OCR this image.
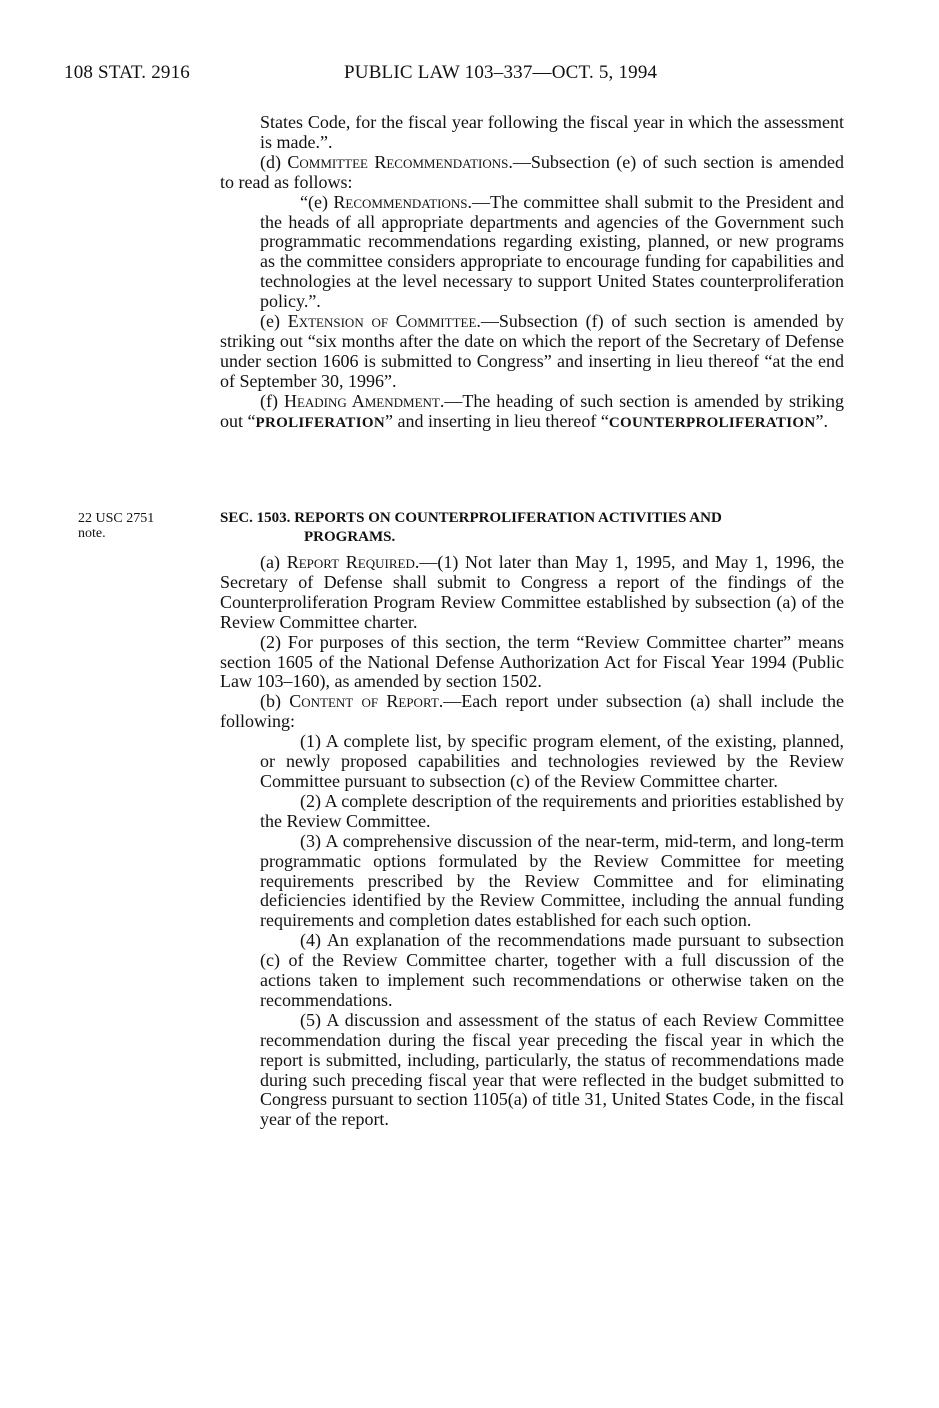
108 STAT. 2916	PUBLIC LAW 103–337—OCT. 5, 1994

States Code, for the fiscal year following the fiscal year in which the assessment is made.”.

(d) Committee Recommendations.—Subsection (e) of such section is amended to read as follows:

“(e) Recommendations.—The committee shall submit to the President and the heads of all appropriate departments and agencies of the Government such programmatic recommendations regarding existing, planned, or new programs as the committee considers appropriate to encourage funding for capabilities and technologies at the level necessary to support United States counterproliferation policy.”.

(e) Extension of Committee.—Subsection (f) of such section is amended by striking out “six months after the date on which the report of the Secretary of Defense under section 1606 is submitted to Congress” and inserting in lieu thereof “at the end of September 30, 1996”.

(f) Heading Amendment.—The heading of such section is amended by striking out “PROLIFERATION” and inserting in lieu thereof “COUNTERPROLIFERATION”.

22 USC 2751
note.
SEC. 1503. REPORTS ON COUNTERPROLIFERATION ACTIVITIES AND
PROGRAMS.

(a) Report Required.—(1) Not later than May 1, 1995, and May 1, 1996, the Secretary of Defense shall submit to Congress a report of the findings of the Counterproliferation Program Review Committee established by subsection (a) of the Review Committee charter.

(2) For purposes of this section, the term “Review Committee charter” means section 1605 of the National Defense Authorization Act for Fiscal Year 1994 (Public Law 103–160), as amended by section 1502.

(b) Content of Report.—Each report under subsection (a) shall include the following:

(1) A complete list, by specific program element, of the existing, planned, or newly proposed capabilities and technologies reviewed by the Review Committee pursuant to subsection (c) of the Review Committee charter.

(2) A complete description of the requirements and priorities established by the Review Committee.

(3) A comprehensive discussion of the near-term, mid-term, and long-term programmatic options formulated by the Review Committee for meeting requirements prescribed by the Review Committee and for eliminating deficiencies identified by the Review Committee, including the annual funding requirements and completion dates established for each such option.

(4) An explanation of the recommendations made pursuant to subsection (c) of the Review Committee charter, together with a full discussion of the actions taken to implement such recommendations or otherwise taken on the recommendations.

(5) A discussion and assessment of the status of each Review Committee recommendation during the fiscal year preceding the fiscal year in which the report is submitted, including, particularly, the status of recommendations made during such preceding fiscal year that were reflected in the budget submitted to Congress pursuant to section 1105(a) of title 31, United States Code, in the fiscal year of the report.
